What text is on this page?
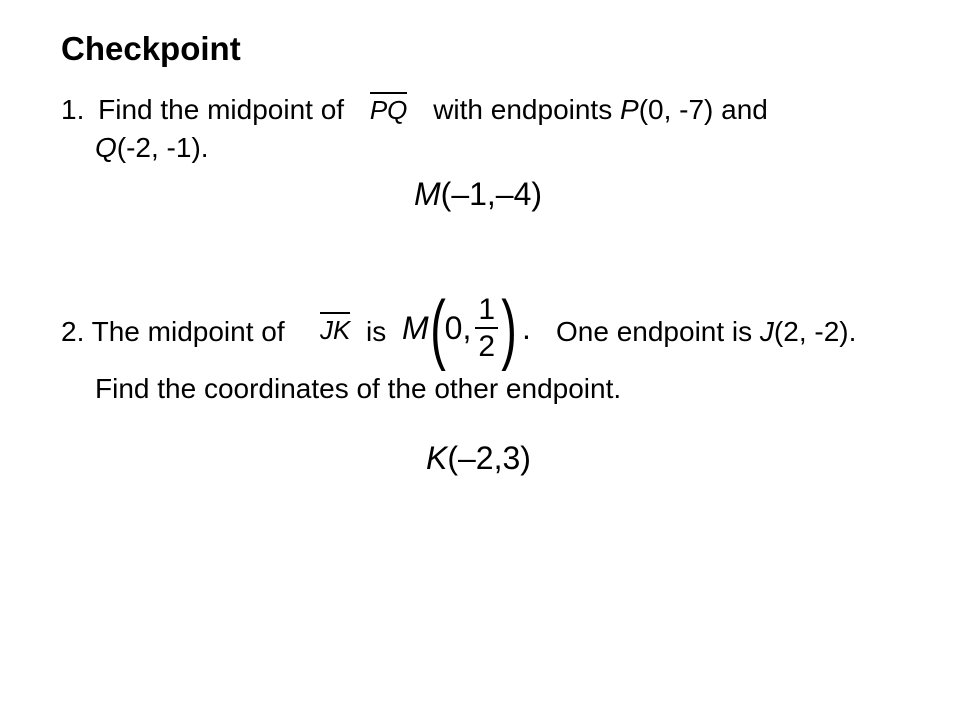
Checkpoint
1. Find the midpoint of PQ with endpoints P(0, -7) and
Q(-2, -1).
M(–1,–4)
2. The midpoint of JK is M ( 0, $\frac{1}{2}$ ) . One endpoint is J(2, -2).
Find the coordinates of the other endpoint.
K(–2,3)
